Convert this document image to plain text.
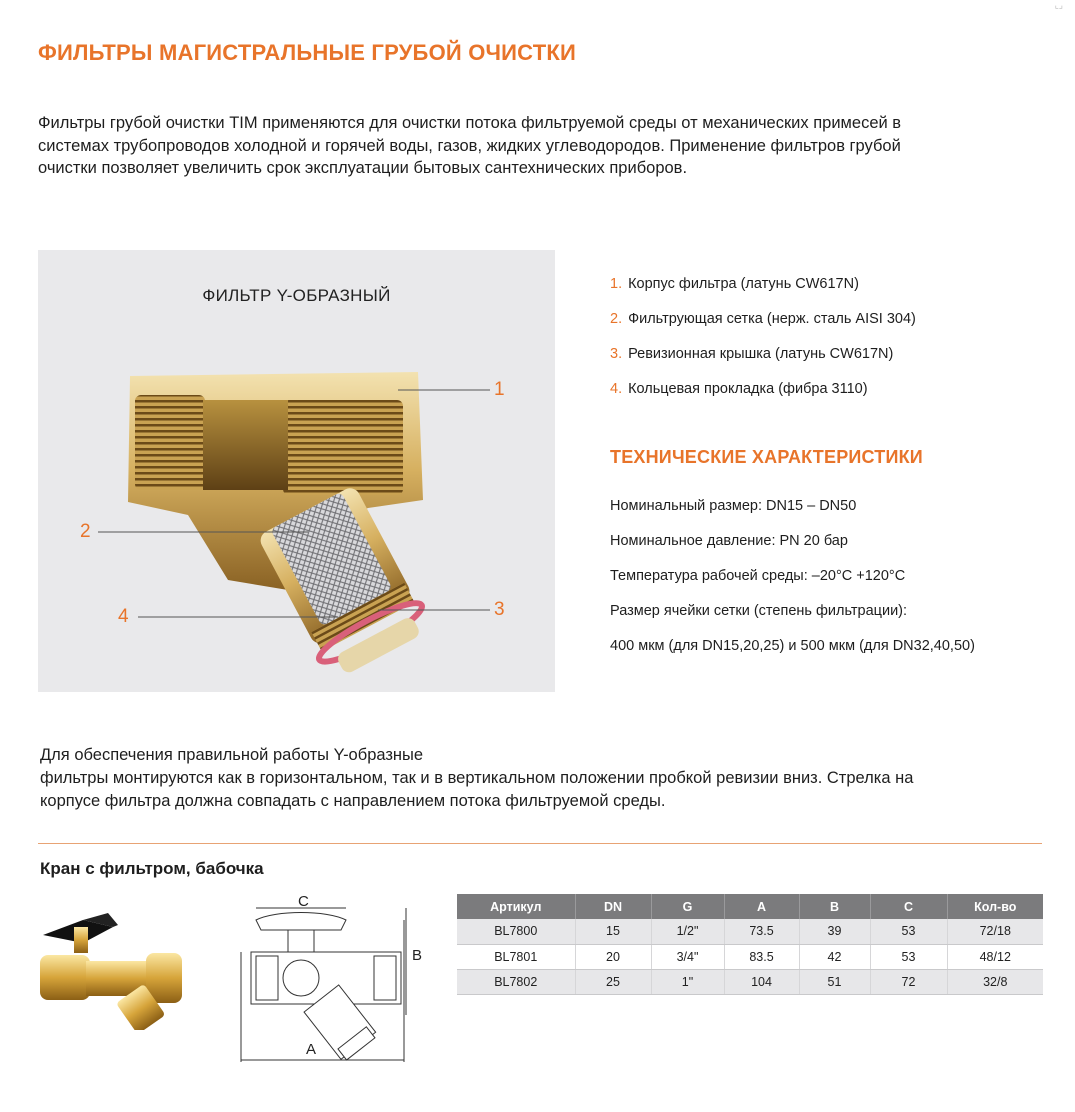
⌞⌟
ФИЛЬТРЫ МАГИСТРАЛЬНЫЕ ГРУБОЙ ОЧИСТКИ
Фильтры грубой очистки TIM применяются для очистки потока фильтруемой среды от механических примесей в
системах трубопроводов холодной и горячей воды, газов, жидких углеводородов. Применение фильтров грубой
очистки позволяет увеличить срок эксплуатации бытовых сантехнических приборов.
ФИЛЬТР Y-ОБРАЗНЫЙ
1
2
3
4
1. Корпус фильтра (латунь CW617N)
2. Фильтрующая сетка (нерж. сталь AISI 304)
3. Ревизионная крышка (латунь CW617N)
4. Кольцевая прокладка (фибра 3110)
ТЕХНИЧЕСКИЕ ХАРАКТЕРИСТИКИ
Номинальный размер: DN15 – DN50
Номинальное давление: PN 20 бар
Температура рабочей среды: –20°C +120°C
Размер ячейки сетки (степень фильтрации):
400 мкм (для DN15,20,25) и 500 мкм (для DN32,40,50)
Для обеспечения правильной работы Y-образные
фильтры монтируются как в горизонтальном, так и в вертикальном положении пробкой ревизии вниз. Стрелка на
корпусе фильтра должна совпадать с направлением потока фильтруемой среды.
Кран с фильтром, бабочка
C
B
A
Артикул	DN	G	A	B	C	Кол-во
BL7800	15	1/2"	73.5	39	53	72/18
BL7801	20	3/4"	83.5	42	53	48/12
BL7802	25	1"	104	51	72	32/8
